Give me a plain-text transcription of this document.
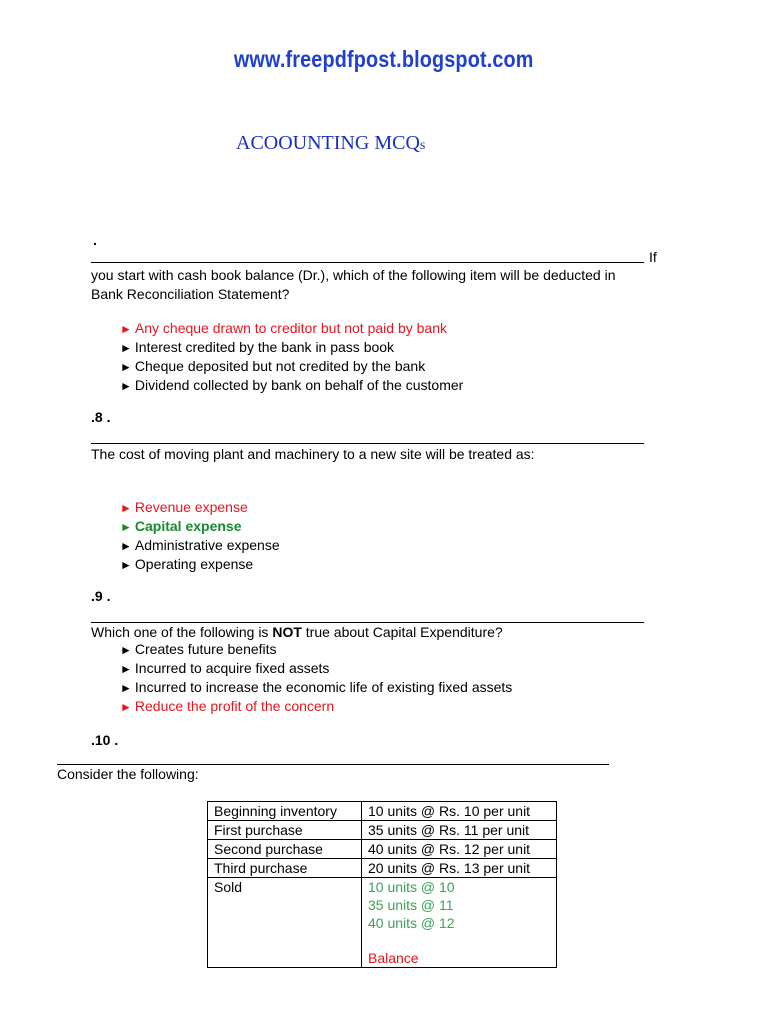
www.freepdfpost.blogspot.com
ACOOUNTING MCQs
.
If
you start with cash book balance (Dr.), which of the following item will be deducted in
Bank Reconciliation Statement?
► Any cheque drawn to creditor but not paid by bank
► Interest credited by the bank in pass book
► Cheque deposited but not credited by the bank
► Dividend collected by bank on behalf of the customer
.8 .
The cost of moving plant and machinery to a new site will be treated as:
► Revenue expense
► Capital expense
► Administrative expense
► Operating expense
.9 .
Which one of the following is NOT true about Capital Expenditure?
► Creates future benefits
► Incurred to acquire fixed assets
► Incurred to increase the economic life of existing fixed assets
► Reduce the profit of the concern
.10 .
Consider the following:
Beginning inventory	10 units @ Rs. 10 per unit
First purchase	35 units @ Rs. 11 per unit
Second purchase	40 units @ Rs. 12 per unit
Third purchase	20 units @ Rs. 13 per unit
Sold	10 units @ 10
35 units @ 11
40 units @ 12
Balance
